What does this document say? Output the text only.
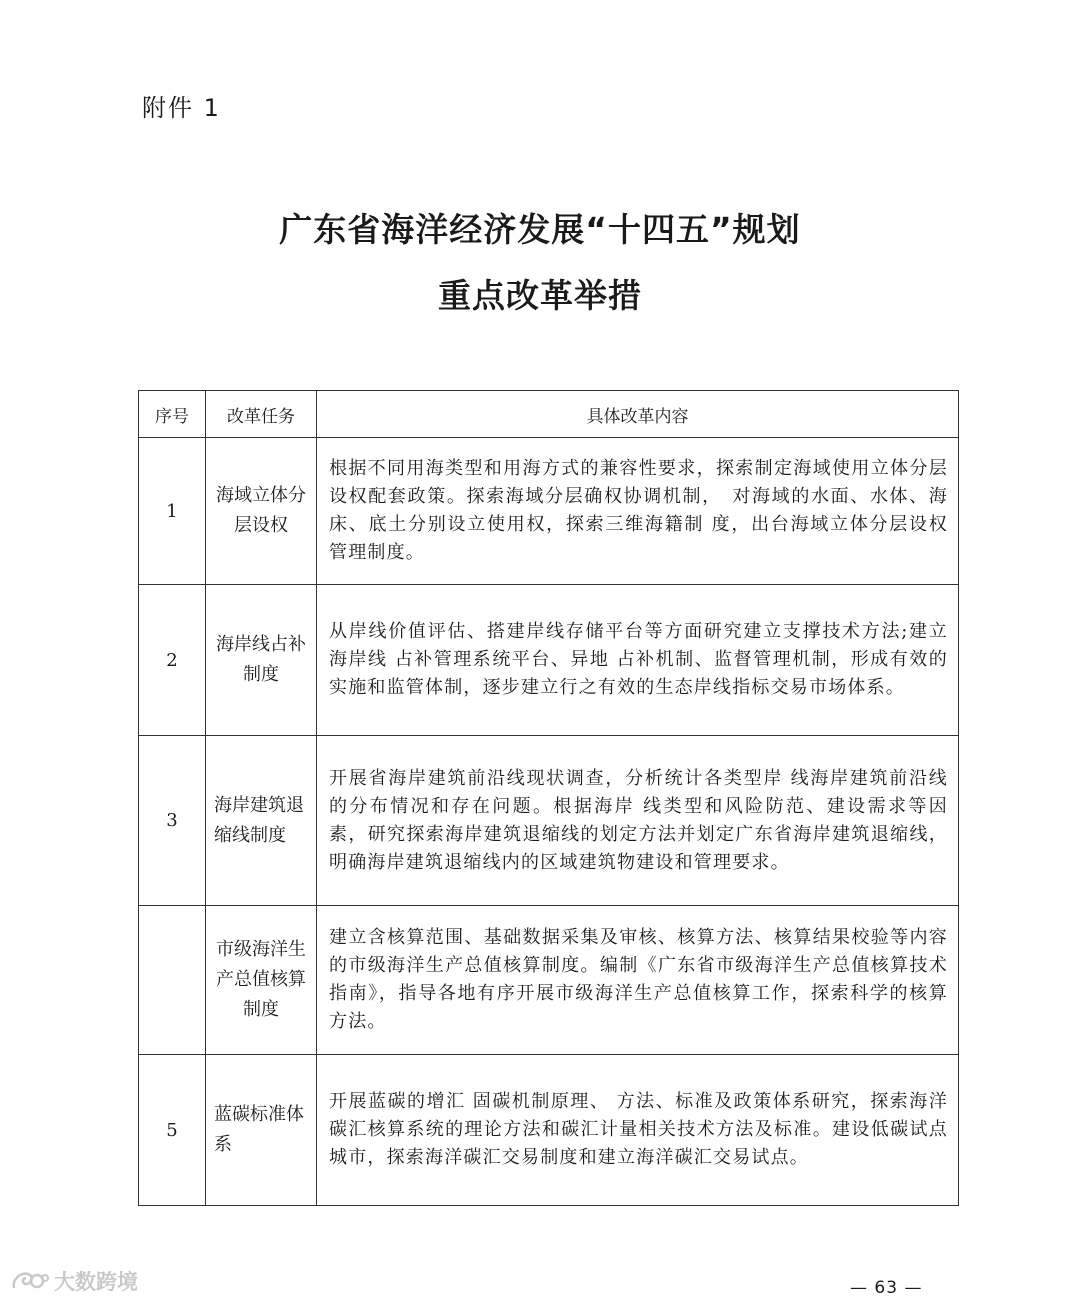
附件 1
广东省海洋经济发展“十四五”规划
重点改革举措
序号	改革任务	具体改革内容
1	海域立体分层设权	根据不同用海类型和用海方式的兼容性要求，探索制定海域使用立体分层设权配套政策。探索海域分层确权协调机制，　对海域的水面、水体、海床、底土分别设立使用权，探索三维海籍制 度，出台海域立体分层设权管理制度。
2	海岸线占补制度	从岸线价值评估、搭建岸线存储平台等方面研究建立支撑技术方法;建立海岸线 占补管理系统平台、异地 占补机制、监督管理机制，形成有效的实施和监管体制，逐步建立行之有效的生态岸线指标交易市场体系。
3	海岸建筑退缩线制度	开展省海岸建筑前沿线现状调查，分析统计各类型岸 线海岸建筑前沿线的分布情况和存在问题。根据海岸 线类型和风险防范、建设需求等因素，研究探索海岸建筑退缩线的划定方法并划定广东省海岸建筑退缩线，明确海岸建筑退缩线内的区域建筑物建设和管理要求。
	市级海洋生产总值核算制度	建立含核算范围、基础数据采集及审核、核算方法、核算结果校验等内容的市级海洋生产总值核算制度。编制《广东省市级海洋生产总值核算技术指南》，指导各地有序开展市级海洋生产总值核算工作，探索科学的核算方法。
5	蓝碳标准体系	开展蓝碳的增汇 固碳机制原理、 方法、标准及政策体系研究，探索海洋碳汇核算系统的理论方法和碳汇计量相关技术方法及标准。建设低碳试点城市，探索海洋碳汇交易制度和建立海洋碳汇交易试点。
大数跨境	— 63 —
